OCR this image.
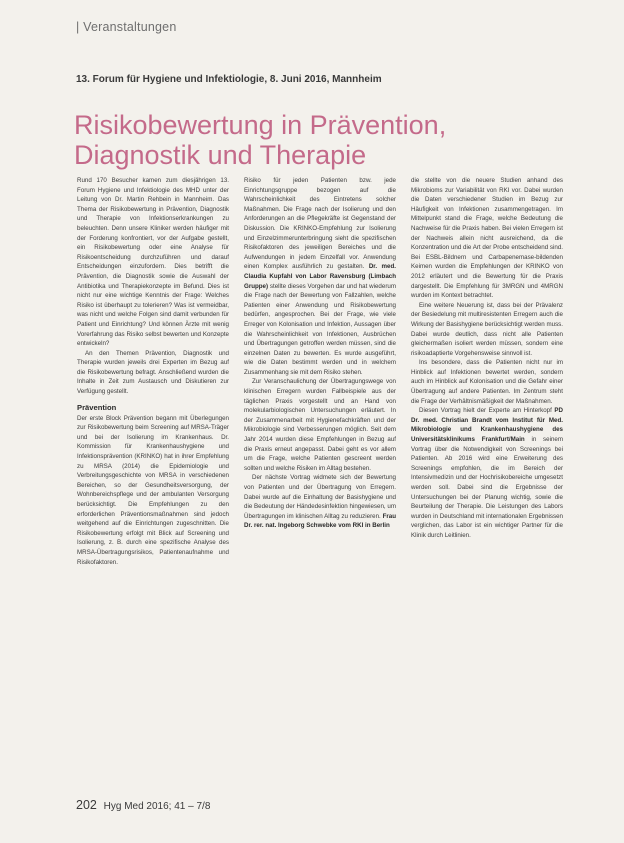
| Veranstaltungen
13. Forum für Hygiene und Infektiologie, 8. Juni 2016, Mannheim
Risikobewertung in Prävention, Diagnostik und Therapie

Rund 170 Besucher kamen zum diesjährigen 13. Forum Hygiene und Infektiologie des MHD unter der Leitung von Dr. Martin Rehbein in Mannheim. Das Thema der Risikobewertung in Prävention, Diagnostik und Therapie von Infektionserkrankungen zu beleuchten. Denn unsere Kliniker werden häufiger mit der Forderung konfrontiert, vor der Aufgabe gestellt, ein Risikobewertung oder eine Analyse für Risikoentscheidung durchzuführen und darauf Entscheidungen einzufordern. Dies betrifft die Prävention, die Diagnostik sowie die Auswahl der Antibiotika und Therapiekonzepte im Befund. Dies ist nicht nur eine wichtige Kenntnis der Frage: Welches Risiko ist überhaupt zu tolerieren? Was ist vermeidbar, was nicht und welche Folgen sind damit verbunden für Patient und Einrichtung? Und können Ärzte mit wenig Vorerfahrung das Risiko selbst bewerten und Konzepte entwickeln?

An den Themen Prävention, Diagnostik und Therapie wurden jeweils drei Experten im Bezug auf die Risikobewertung befragt. Anschließend wurden die Inhalte in Zeit zum Austausch und Diskutieren zur Verfügung gestellt.

Prävention

Der erste Block Prävention begann mit Überlegungen zur Risikobewertung beim Screening auf MRSA-Träger und bei der Isolierung im Krankenhaus. Dr. Kommission für Krankenhaushygiene und Infektionsprävention (KRINKO) hat in ihrer Empfehlung zu MRSA (2014) die Epidemiologie und Verbreitungsgeschichte von MRSA in verschiedenen Bereichen, so der Gesundheitsversorgung, der Wohnbereichspflege und der ambulanten Versorgung berücksichtigt. Die Empfehlungen zu den erforderlichen Präventionsmaßnahmen sind jedoch weitgehend auf die Einrichtungen zugeschnitten. Die Risikobewertung erfolgt mit Blick auf Screening und Isolierung, z. B. durch eine spezifische Analyse des MRSA-Übertragungsrisikos, Patientenaufnahme und Risikofaktoren.

Risiko für jeden Patienten bzw. jede Einrichtungsgruppe bezogen auf die Wahrscheinlichkeit des Eintretens solcher Maßnahmen. Die Frage nach der Isolierung und den Anforderungen an die Pflegekräfte ist Gegenstand der Diskussion. Die KRINKO-Empfehlung zur Isolierung und Einzelzimmerunterbringung sieht die spezifischen Risikofaktoren des jeweiligen Bereiches und die Aufwendungen in jedem Einzelfall vor. Anwendung einen Komplex ausführlich zu gestalten. Dr. med. Claudia Kupfahl von Labor Ravensburg (Limbach Gruppe) stellte dieses Vorgehen dar und hat wiederum die Frage nach der Bewertung von Fallzahlen, welche Patienten einer Anwendung und Risikobewertung bedürfen, angesprochen. Bei der Frage, wie viele Erreger von Kolonisation und Infektion, Aussagen über die Wahrscheinlichkeit von Infektionen, Ausbrüchen und Übertragungen getroffen werden müssen, sind die einzelnen Daten zu bewerten. Es wurde ausgeführt, wie die Daten bestimmt werden und in welchem Zusammenhang sie mit dem Risiko stehen.

Zur Veranschaulichung der Übertragungswege von klinischen Erregern wurden Fallbeispiele aus der täglichen Praxis vorgestellt und an Hand von molekularbiologischen Untersuchungen erläutert. In der Zusammenarbeit mit Hygienefachkräften und der Mikrobiologie sind Verbesserungen möglich. Seit dem Jahr 2014 wurden diese Empfehlungen in Bezug auf die Praxis erneut angepasst. Dabei geht es vor allem um die Frage, welche Patienten gescreent werden sollten und welche Risiken im Alltag bestehen.

Der nächste Vortrag widmete sich der Bewertung von Patienten und der Übertragung von Erregern. Dabei wurde auf die Einhaltung der Basishygiene und die Bedeutung der Händedesinfektion hingewiesen, um Übertragungen im klinischen Alltag zu reduzieren. Frau Dr. rer. nat. Ingeborg Schwebke vom RKI in Berlin

die stellte von die neuere Studien anhand des Mikrobioms zur Variabilität von RKI vor. Dabei wurden die Daten verschiedener Studien im Bezug zur Häufigkeit von Infektionen zusammengetragen. Im Mittelpunkt stand die Frage, welche Bedeutung die Nachweise für die Praxis haben. Bei vielen Erregern ist der Nachweis allein nicht ausreichend, da die Konzentration und die Art der Probe entscheidend sind. Bei ESBL-Bildnern und Carbapenemase-bildenden Keimen wurden die Empfehlungen der KRINKO von 2012 erläutert und die Bewertung für die Praxis dargestellt. Die Empfehlung für 3MRGN und 4MRGN wurden im Kontext betrachtet.

Eine weitere Neuerung ist, dass bei der Prävalenz der Besiedelung mit multiresistenten Erregern auch die Wirkung der Basishygiene berücksichtigt werden muss. Dabei wurde deutlich, dass nicht alle Patienten gleichermaßen isoliert werden müssen, sondern eine risikoadaptierte Vorgehensweise sinnvoll ist.

Ins besondere, dass die Patienten nicht nur im Hinblick auf Infektionen bewertet werden, sondern auch im Hinblick auf Kolonisation und die Gefahr einer Übertragung auf andere Patienten. Im Zentrum steht die Frage der Verhältnismäßigkeit der Maßnahmen.

Diesen Vortrag hielt der Experte am Hinterkopf PD Dr. med. Christian Brandt vom Institut für Med. Mikrobiologie und Krankenhaushygiene des Universitätsklinikums Frankfurt/Main in seinem Vortrag über die Notwendigkeit von Screenings bei Patienten. Ab 2016 wird eine Erweiterung des Screenings empfohlen, die im Bereich der Intensivmedizin und der Hochrisikobereiche umgesetzt werden soll. Dabei sind die Ergebnisse der Untersuchungen bei der Planung wichtig, sowie die Beurteilung der Therapie. Die Leistungen des Labors wurden in Deutschland mit internationalen Ergebnissen verglichen, das Labor ist ein wichtiger Partner für die Klinik durch Leitlinien.

202 Hyg Med 2016; 41 – 7/8
